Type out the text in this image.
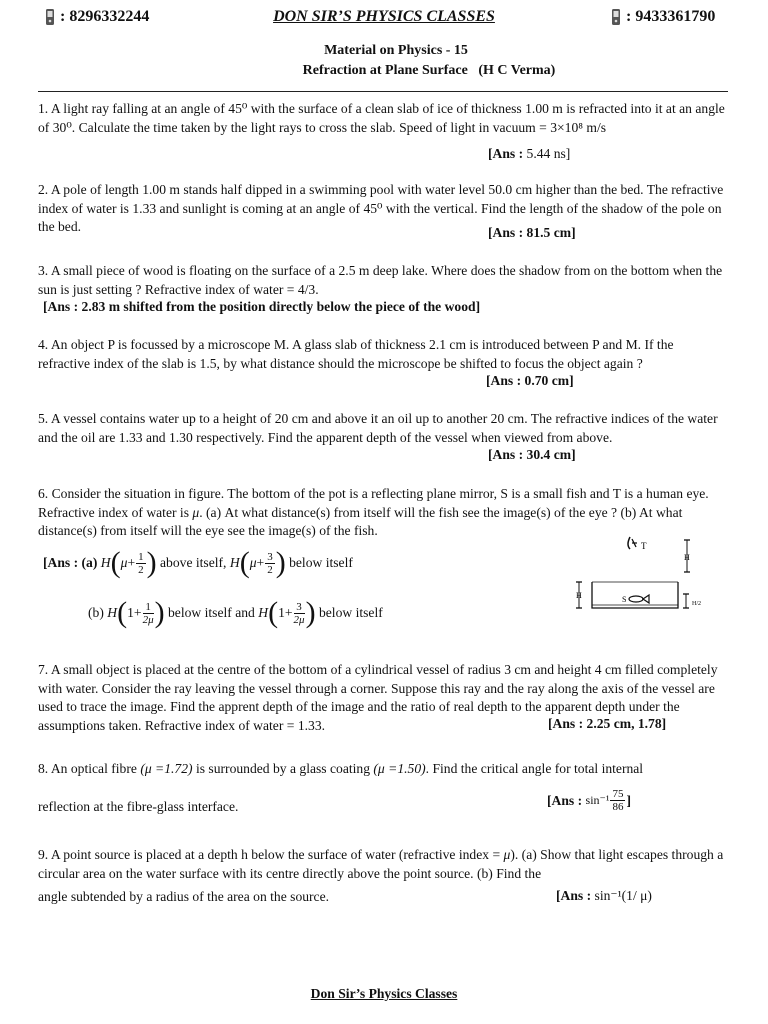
: 8296332244	DON SIR’S PHYSICS CLASSES	: 9433361790
Material on Physics - 15
Refraction at Plane Surface (H C Verma)

1. A light ray falling at an angle of 45⁰ with the surface of a clean slab of ice of thickness 1.00 m is refracted into it at an angle of 30⁰. Calculate the time taken by the light rays to cross the slab. Speed of light in vacuum = 3×10⁸ m/s

[Ans : 5.44 ns]

2. A pole of length 1.00 m stands half dipped in a swimming pool with water level 50.0 cm higher than the bed. The refractive index of water is 1.33 and sunlight is coming at an angle of 45⁰ with the vertical. Find the length of the shadow of the pole on the bed.	[Ans : 81.5 cm]

3. A small piece of wood is floating on the surface of a 2.5 m deep lake. Where does the shadow from on the bottom when the sun is just setting ? Refractive index of water = 4/3.

[Ans : 2.83 m shifted from the position directly below the piece of the wood]

4. An object P is focussed by a microscope M. A glass slab of thickness 2.1 cm is introduced between P and M. If the refractive index of the slab is 1.5, by what distance should the microscope be shifted to focus the object again ?

[Ans : 0.70 cm]

5. A vessel contains water up to a height of 20 cm and above it an oil up to another 20 cm. The refractive indices of the water and the oil are 1.33 and 1.30 respectively. Find the apparent depth of the vessel when viewed from above.

[Ans : 30.4 cm]

6. Consider the situation in figure. The bottom of the pot is a reflecting plane mirror, S is a small fish and T is a human eye. Refractive index of water is μ. (a) At what distance(s) from itself will the fish see the image(s) of the eye ? (b) At what distance(s) from itself will the eye see the image(s) of the fish.

[Ans : (a)
H ( $\mu + \frac{1}{2}$ )
above itself,
H ( $\mu + \frac{3}{2}$ )
below itself
(b)
H ( $1 + \frac{1}{2\mu}$ )
below itself and
H ( $1 + \frac{3}{2\mu}$ )
below itself
T
H
H	S	H/2

7. A small object is placed at the centre of the bottom of a cylindrical vessel of radius 3 cm and height 4 cm filled completely with water. Consider the ray leaving the vessel through a corner. Suppose this ray and the ray along the axis of the vessel are used to trace the image. Find the apprent depth of the image and the ratio of real depth to the apparent depth under the assumptions taken. Refractive index of water = 1.33.	[Ans : 2.25 cm, 1.78]

8. An optical fibre (μ =1.72) is surrounded by a glass coating (μ =1.50). Find the critical angle for total internal

reflection at the fibre-glass interface.	[Ans :
$\sin^{-1} \frac{75}{86}$ ]

9. A point source is placed at a depth h below the surface of water (refractive index = μ). (a) Show that light escapes through a circular area on the water surface with its centre directly above the point source. (b) Find the

angle subtended by a radius of the area on the source.	[Ans : sin⁻¹(1/ μ)
Don Sir’s Physics Classes
